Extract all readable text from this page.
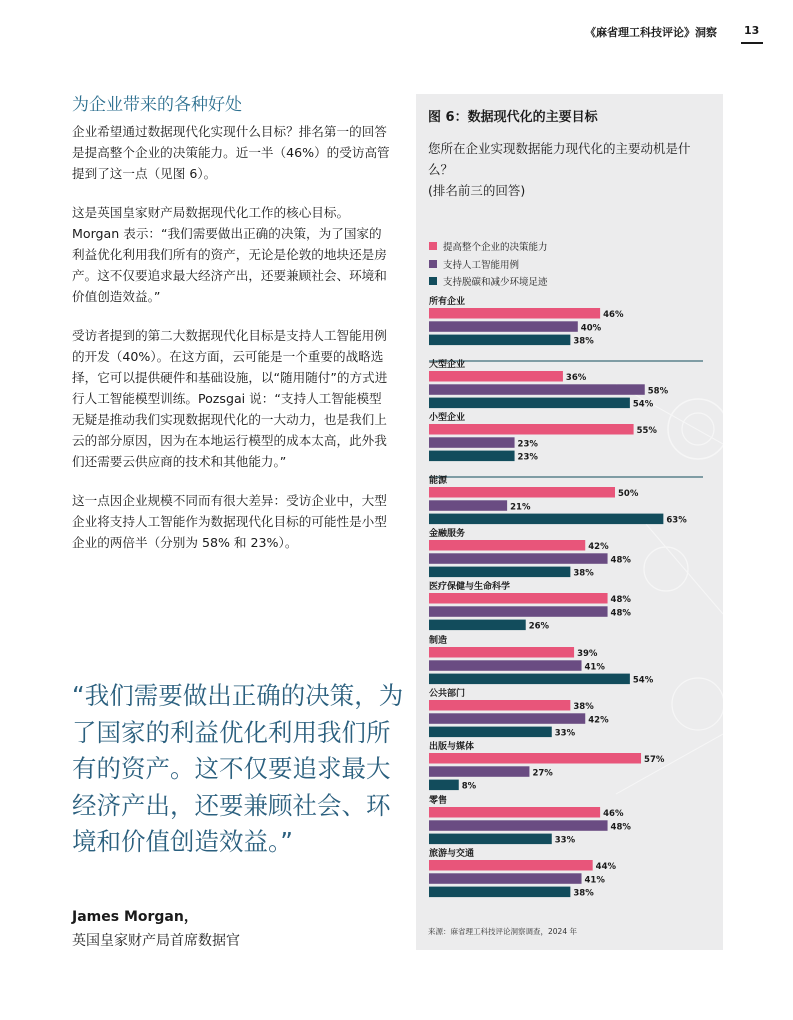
《麻省理工科技评论》洞察 13
为企业带来的各种好处

企业希望通过数据现代化实现什么目标？排名第一的回答是提高整个企业的决策能力。近一半（46%）的受访高管提到了这一点（见图 6）。

这是英国皇家财产局数据现代化工作的核心目标。Morgan 表示：“我们需要做出正确的决策，为了国家的利益优化利用我们所有的资产，无论是伦敦的地块还是房产。这不仅要追求最大经济产出，还要兼顾社会、环境和价值创造效益。”

受访者提到的第二大数据现代化目标是支持人工智能用例的开发（40%）。在这方面，云可能是一个重要的战略选择，它可以提供硬件和基础设施，以“随用随付”的方式进行人工智能模型训练。Pozsgai 说：“支持人工智能模型无疑是推动我们实现数据现代化的一大动力，也是我们上云的部分原因，因为在本地运行模型的成本太高，此外我们还需要云供应商的技术和其他能力。”

这一点因企业规模不同而有很大差异：受访企业中，大型企业将支持人工智能作为数据现代化目标的可能性是小型企业的两倍半（分别为 58% 和 23%）。

“我们需要做出正确的决策，为了国家的利益优化利用我们所有的资产。这不仅要追求最大经济产出，还要兼顾社会、环境和价值创造效益。”
James Morgan，
英国皇家财产局首席数据官
图 6：数据现代化的主要目标
您所在企业实现数据能力现代化的主要动机是什么？
(排名前三的回答)
提高整个企业的决策能力
支持人工智能用例
支持脱碳和减少环境足迹
所有企业
46%
40%
38%
大型企业
36%
58%
54%
小型企业
55%
23%
23%
能源
50%
21%
63%
金融服务
42%
48%
38%
医疗保健与生命科学
48%
48%
26%
制造
39%
41%
54%
公共部门
38%
42%
33%
出版与媒体
57%
27%
8%
零售
46%
48%
33%
旅游与交通
44%
41%
38%
来源：麻省理工科技评论洞察调查，2024 年
